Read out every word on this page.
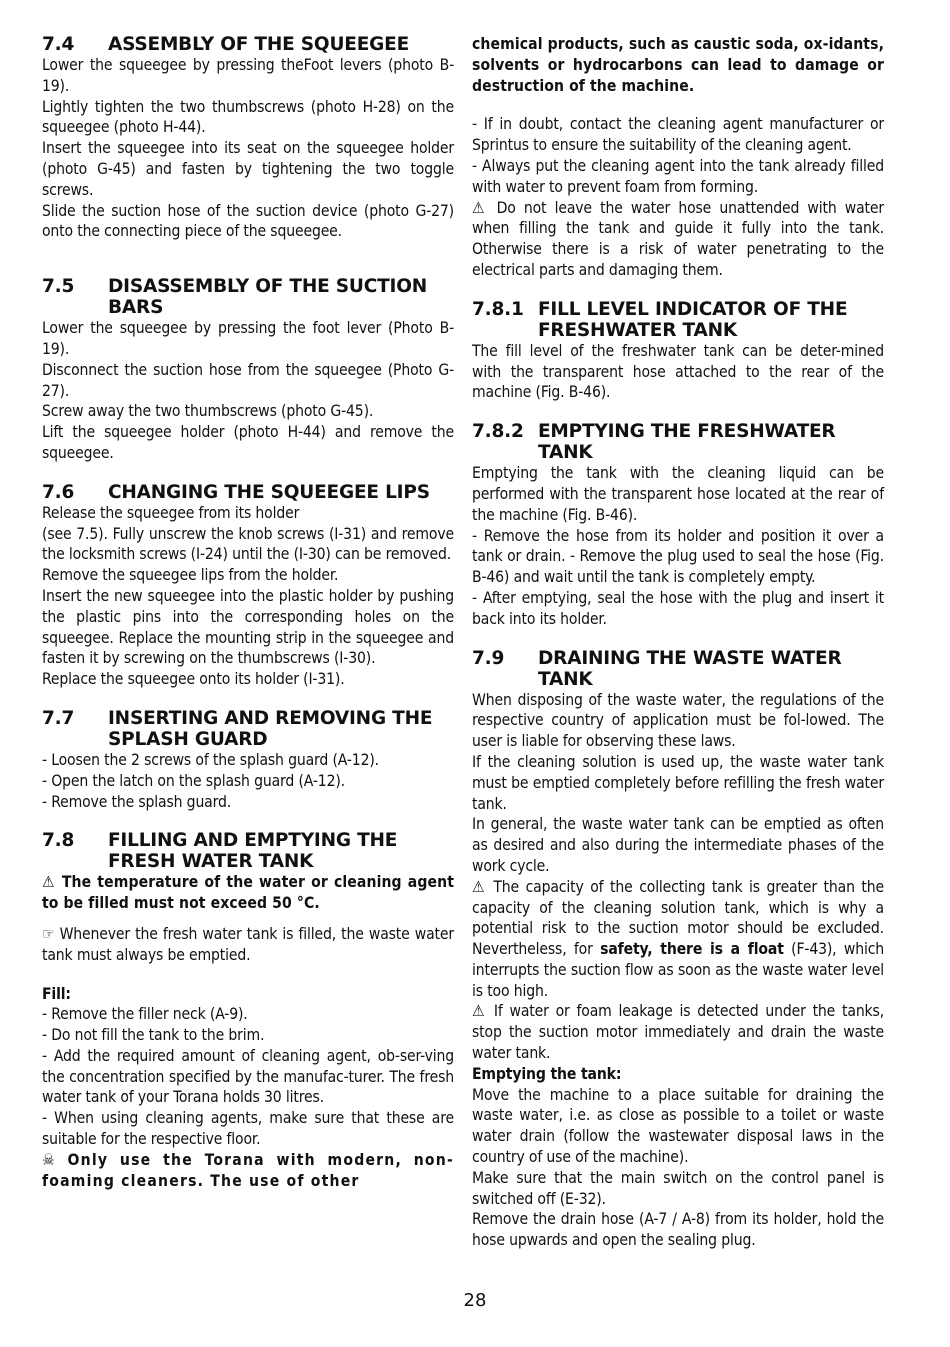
7.4	ASSEMBLY OF THE SQUEEGEE

Lower the squeegee by pressing theFoot levers (photo B-19).

Lightly tighten the two thumbscrews (photo H-28) on the squeegee (photo H-44).

Insert the squeegee into its seat on the squeegee holder (photo G-45) and fasten by tightening the two toggle screws.

Slide the suction hose of the suction device (photo G-27) onto the connecting piece of the squeegee.

7.5	DISASSEMBLY OF THE SUCTION BARS

Lower the squeegee by pressing the foot lever (Photo B-19).

Disconnect the suction hose from the squeegee (Photo G-27).

Screw away the two thumbscrews (photo G-45).

Lift the squeegee holder (photo H-44) and remove the squeegee.

7.6	CHANGING THE SQUEEGEE LIPS

Release the squeegee from its holder

(see 7.5). Fully unscrew the knob screws (I-31) and remove the locksmith screws (I-24) until the (I-30) can be removed.

Remove the squeegee lips from the holder.

Insert the new squeegee into the plastic holder by pushing the plastic pins into the corresponding holes on the squeegee. Replace the mounting strip in the squeegee and fasten it by screwing on the thumbscrews (I-30).

Replace the squeegee onto its holder (I-31).

7.7	INSERTING AND REMOVING THE SPLASH GUARD

- Loosen the 2 screws of the splash guard (A-12).

- Open the latch on the splash guard (A-12).

- Remove the splash guard.

7.8	FILLING AND EMPTYING THE FRESH WATER TANK

⚠ The temperature of the water or cleaning agent to be filled must not exceed 50 °C.

☞ Whenever the fresh water tank is filled, the waste water tank must always be emptied.

Fill:

- Remove the filler neck (A-9).

- Do not fill the tank to the brim.

- Add the required amount of cleaning agent, ob-ser-ving the concentration specified by the manufac-turer. The fresh water tank of your Torana holds 30 litres.

- When using cleaning agents, make sure that these are suitable for the respective floor.

☠ Only use the Torana with modern, non-foaming cleaners. The use of other

chemical products, such as caustic soda, ox-idants, solvents or hydrocarbons can lead to damage or destruction of the machine.

- If in doubt, contact the cleaning agent manufacturer or Sprintus to ensure the suitability of the cleaning agent.

- Always put the cleaning agent into the tank already filled with water to prevent foam from forming.

⚠ Do not leave the water hose unattended with water when filling the tank and guide it fully into the tank. Otherwise there is a risk of water penetrating to the electrical parts and damaging them.

7.8.1 FILL LEVEL INDICATOR OF THE FRESHWATER TANK

The fill level of the freshwater tank can be deter-mined with the transparent hose attached to the rear of the machine (Fig. B-46).

7.8.2 EMPTYING THE FRESHWATER TANK

Emptying the tank with the cleaning liquid can be performed with the transparent hose located at the rear of the machine (Fig. B-46).

- Remove the hose from its holder and position it over a tank or drain. - Remove the plug used to seal the hose (Fig. B-46) and wait until the tank is completely empty.

- After emptying, seal the hose with the plug and insert it back into its holder.

7.9	DRAINING THE WASTE WATER TANK

When disposing of the waste water, the regulations of the respective country of application must be fol-lowed. The user is liable for observing these laws.

If the cleaning solution is used up, the waste water tank must be emptied completely before refilling the fresh water tank.

In general, the waste water tank can be emptied as often as desired and also during the intermediate phases of the work cycle.

⚠ The capacity of the collecting tank is greater than the capacity of the cleaning solution tank, which is why a potential risk to the suction motor should be excluded. Nevertheless, for safety, there is a float (F-43), which interrupts the suction flow as soon as the waste water level is too high.

⚠ If water or foam leakage is detected under the tanks, stop the suction motor immediately and drain the waste water tank.

Emptying the tank:

Move the machine to a place suitable for draining the waste water, i.e. as close as possible to a toilet or waste water drain (follow the wastewater disposal laws in the country of use of the machine).

Make sure that the main switch on the control panel is switched off (E-32).

Remove the drain hose (A-7 / A-8) from its holder, hold the hose upwards and open the sealing plug.

28
